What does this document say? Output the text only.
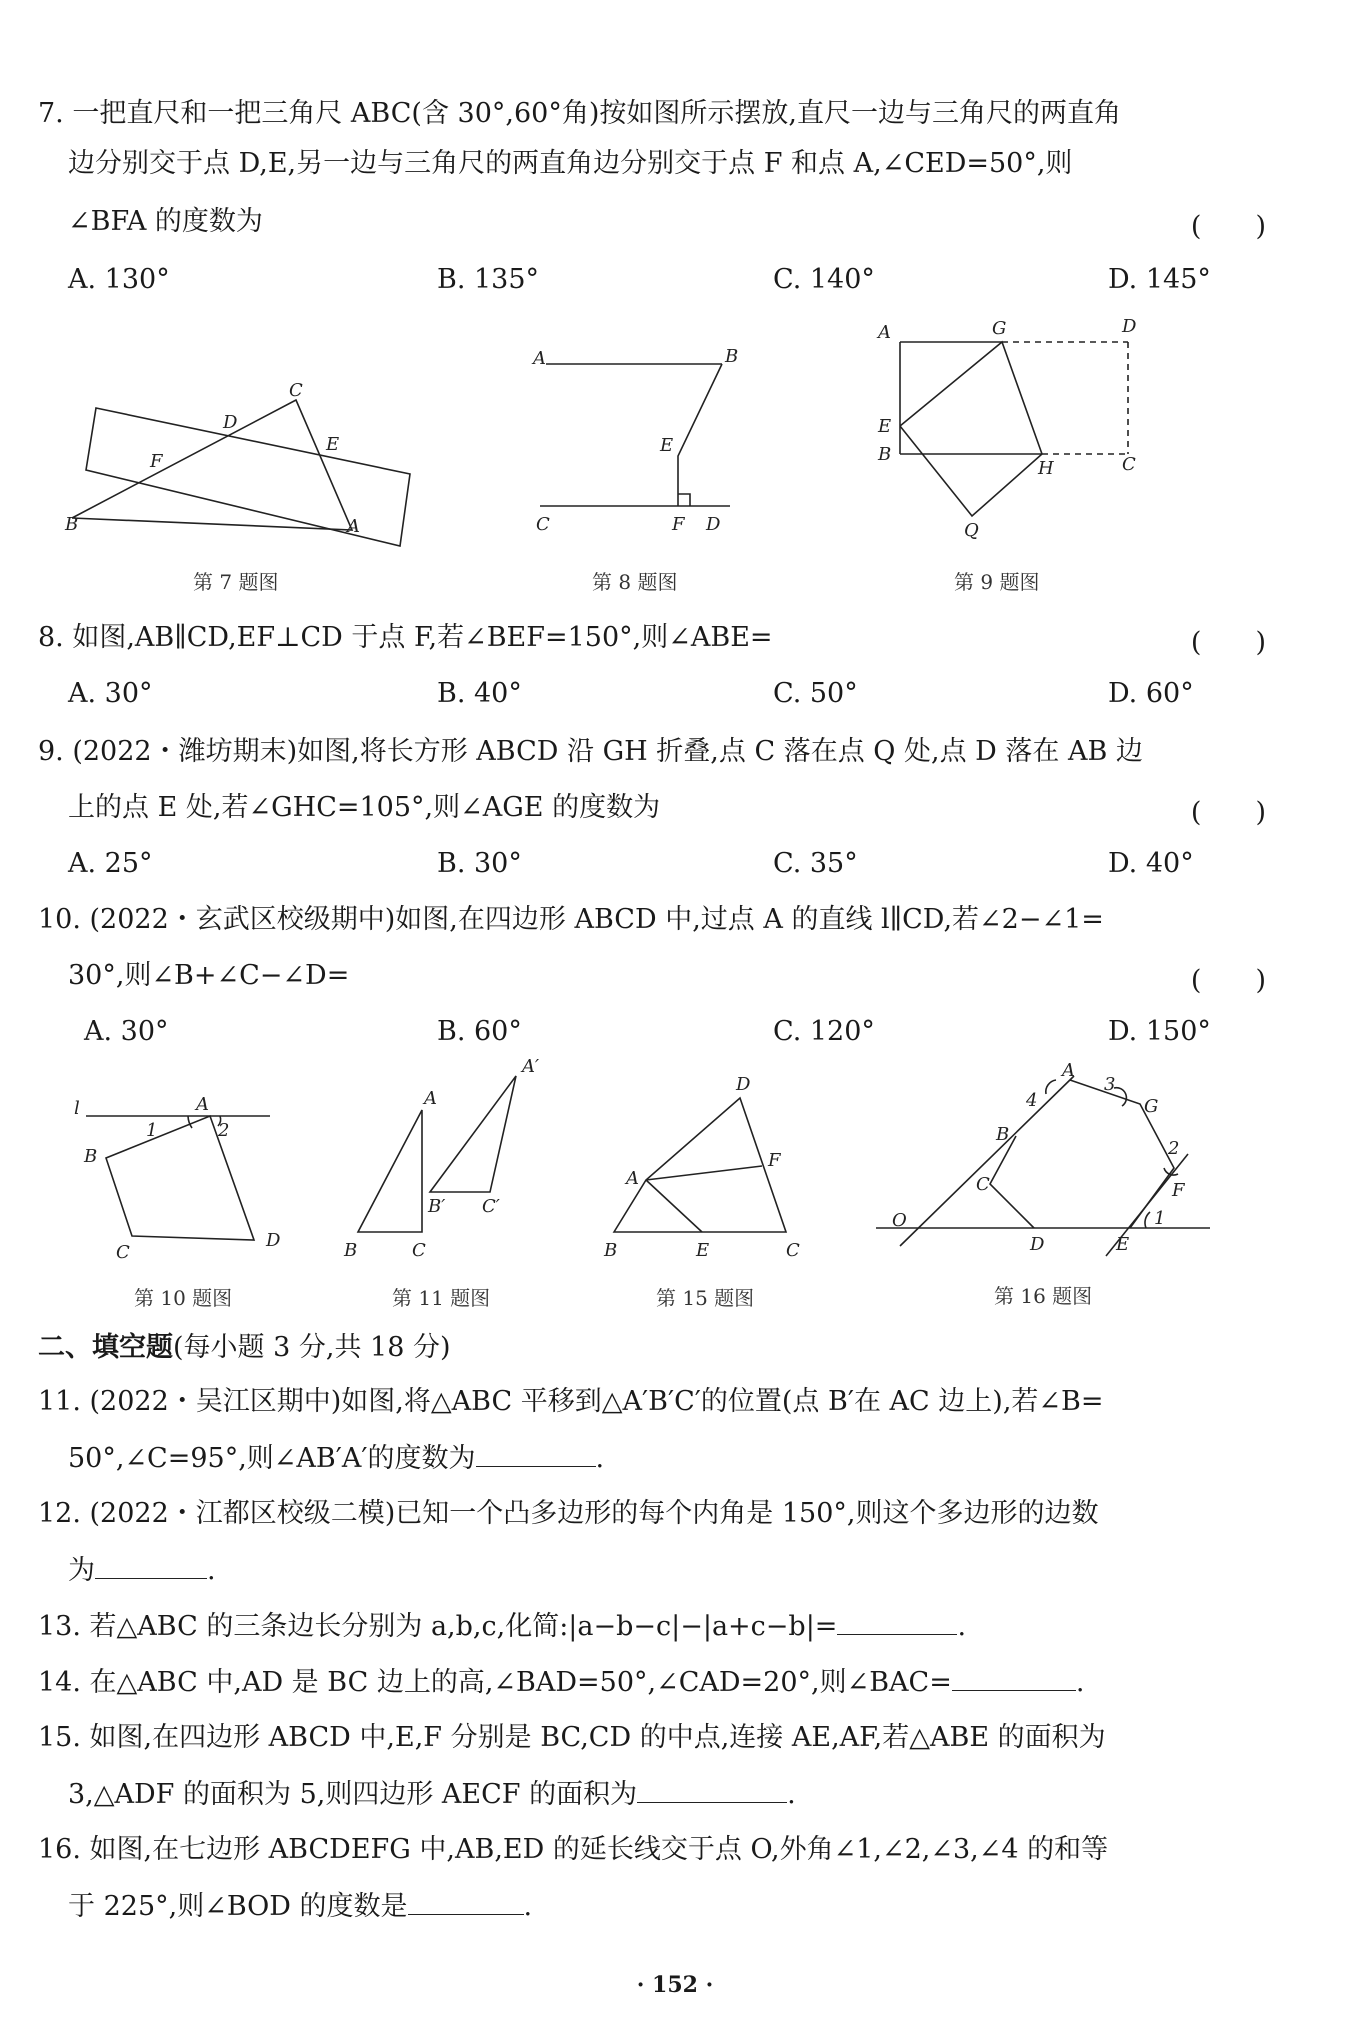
7. 一把直尺和一把三角尺 ABC(含 30°,60°角)按如图所示摆放,直尺一边与三角尺的两直角
边分别交于点 D,E,另一边与三角尺的两直角边分别交于点 F 和点 A,∠CED=50°,则
∠BFA 的度数为	(　　)
A. 130°	B. 135°	C. 140°	D. 145°
C
D
E
F
B	A
第 7 题图
A	B
E
C	F D
第 8 题图
A	G	D
E
B
H	C
Q
第 9 题图
8. 如图,AB∥CD,EF⊥CD 于点 F,若∠BEF=150°,则∠ABE=	(　　)
A. 30°	B. 40°	C. 50°	D. 60°
9. (2022・潍坊期末)如图,将长方形 ABCD 沿 GH 折叠,点 C 落在点 Q 处,点 D 落在 AB 边
上的点 E 处,若∠GHC=105°,则∠AGE 的度数为	(　　)
A. 25°	B. 30°	C. 35°	D. 40°
10. (2022・玄武区校级期中)如图,在四边形 ABCD 中,过点 A 的直线 l∥CD,若∠2−∠1=
30°,则∠B+∠C−∠D=	(　　)
A. 30°	B. 60°	C. 120°	D. 150°
l
1
A
2
B
C
D
第 10 题图
A′
A
B′ C′
B	C
第 11 题图
D
F
A
B	E	C
第 15 题图
A
3
G
4
B
2
C	F
O
D	E
1
第 16 题图
二、填空题(每小题 3 分,共 18 分)
11. (2022・吴江区期中)如图,将△ABC 平移到△A′B′C′的位置(点 B′在 AC 边上),若∠B=
50°,∠C=95°,则∠AB′A′的度数为	.
12. (2022・江都区校级二模)已知一个凸多边形的每个内角是 150°,则这个多边形的边数
为	.
13. 若△ABC 的三条边长分别为 a,b,c,化简:|a−b−c|−|a+c−b|=	.
14. 在△ABC 中,AD 是 BC 边上的高,∠BAD=50°,∠CAD=20°,则∠BAC=	.
15. 如图,在四边形 ABCD 中,E,F 分别是 BC,CD 的中点,连接 AE,AF,若△ABE 的面积为
3,△ADF 的面积为 5,则四边形 AECF 的面积为	.
16. 如图,在七边形 ABCDEFG 中,AB,ED 的延长线交于点 O,外角∠1,∠2,∠3,∠4 的和等
于 225°,则∠BOD 的度数是	.
· 152 ·
